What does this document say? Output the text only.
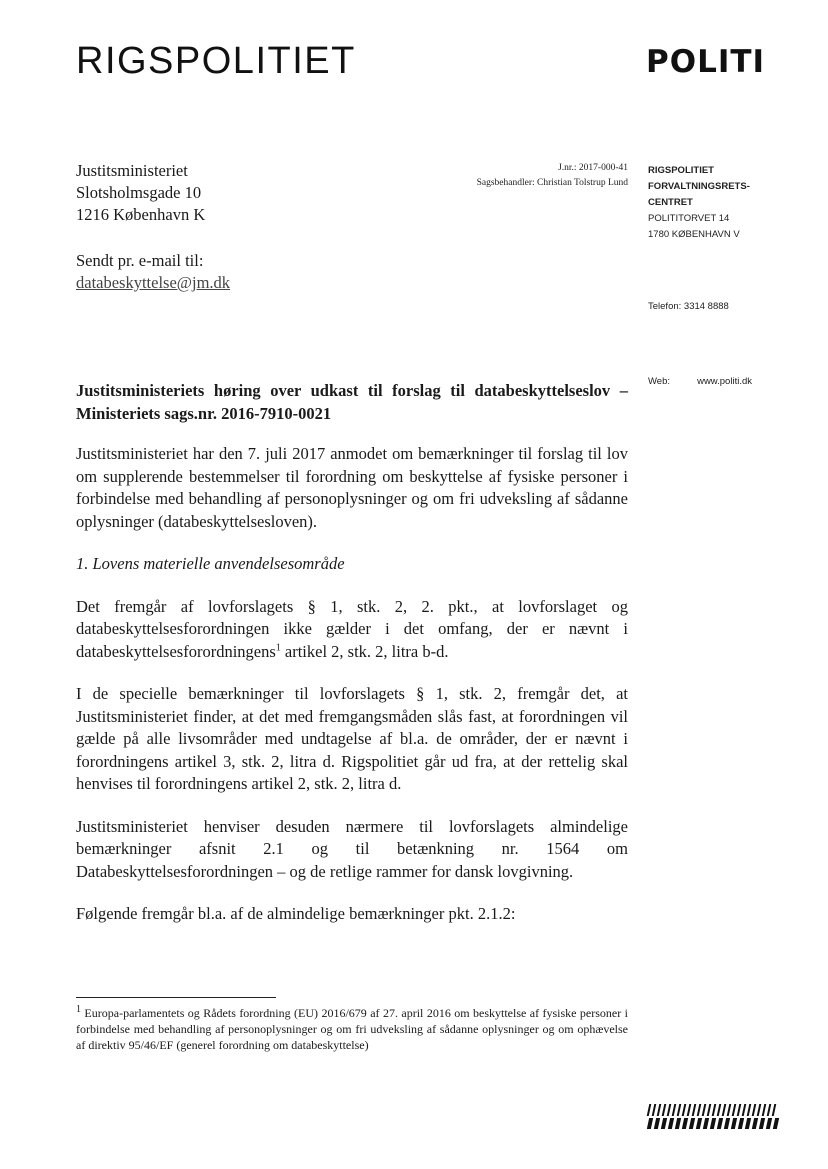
RIGSPOLITIET	POLITI
Justitsministeriet
Slotsholmsgade 10
1216 København K
Sendt pr. e-mail til:
databeskyttelse@jm.dk
J.nr.: 2017-000-41
Sagsbehandler: Christian Tolstrup Lund
RIGSPOLITIET
FORVALTNINGSRETS-
CENTRET
POLITITORVET 14
1780 KØBENHAVN V
Telefon: 3314 8888
Web:	www.politi.dk

Justitsministeriets høring over udkast til forslag til databeskyttelseslov – Ministeriets sags.nr. 2016-7910-0021

Justitsministeriet har den 7. juli 2017 anmodet om bemærkninger til forslag til lov om supplerende bestemmelser til forordning om beskyttelse af fysiske personer i forbindelse med behandling af personoplysninger og om fri udveksling af sådanne oplysninger (databeskyttelsesloven).

1. Lovens materielle anvendelsesområde

Det fremgår af lovforslagets § 1, stk. 2, 2. pkt., at lovforslaget og databeskyttelsesforordningen ikke gælder i det omfang, der er nævnt i databeskyttelsesforordningens$^1$ artikel 2, stk. 2, litra b-d.

I de specielle bemærkninger til lovforslagets § 1, stk. 2, fremgår det, at Justitsministeriet finder, at det med fremgangsmåden slås fast, at forordningen vil gælde på alle livsområder med undtagelse af bl.a. de områder, der er nævnt i forordningens artikel 3, stk. 2, litra d. Rigspolitiet går ud fra, at der rettelig skal henvises til forordningens artikel 2, stk. 2, litra d.

Justitsministeriet henviser desuden nærmere til lovforslagets almindelige bemærkninger afsnit 2.1 og til betænkning nr. 1564 om Databeskyttelsesforordningen – og de retlige rammer for dansk lovgivning.

Følgende fremgår bl.a. af de almindelige bemærkninger pkt. 2.1.2:

$^1$ Europa-parlamentets og Rådets forordning (EU) 2016/679 af 27. april 2016 om beskyttelse af fysiske personer i forbindelse med behandling af personoplysninger og om fri udveksling af sådanne oplysninger og om ophævelse af direktiv 95/46/EF (generel forordning om databeskyttelse)
